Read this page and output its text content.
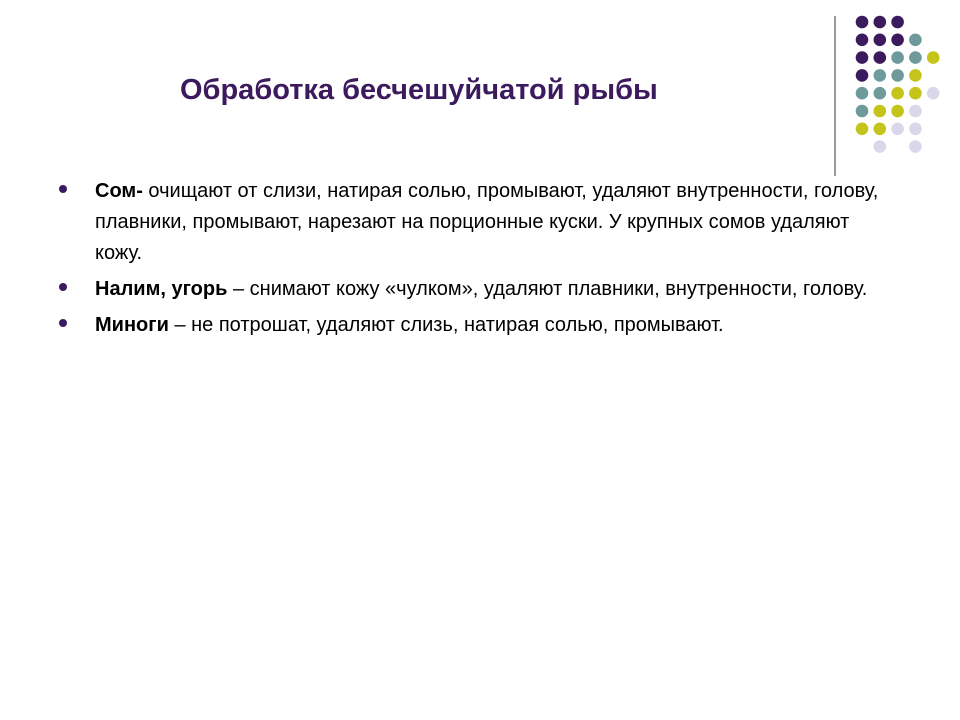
Обработка бесчешуйчатой рыбы
Сом- очищают от слизи, натирая солью, промывают, удаляют внутренности, голову, плавники, промывают, нарезают на порционные куски. У крупных сомов удаляют кожу.
Налим, угорь – снимают кожу «чулком», удаляют плавники, внутренности, голову.
Миноги – не потрошат, удаляют слизь, натирая солью, промывают.
